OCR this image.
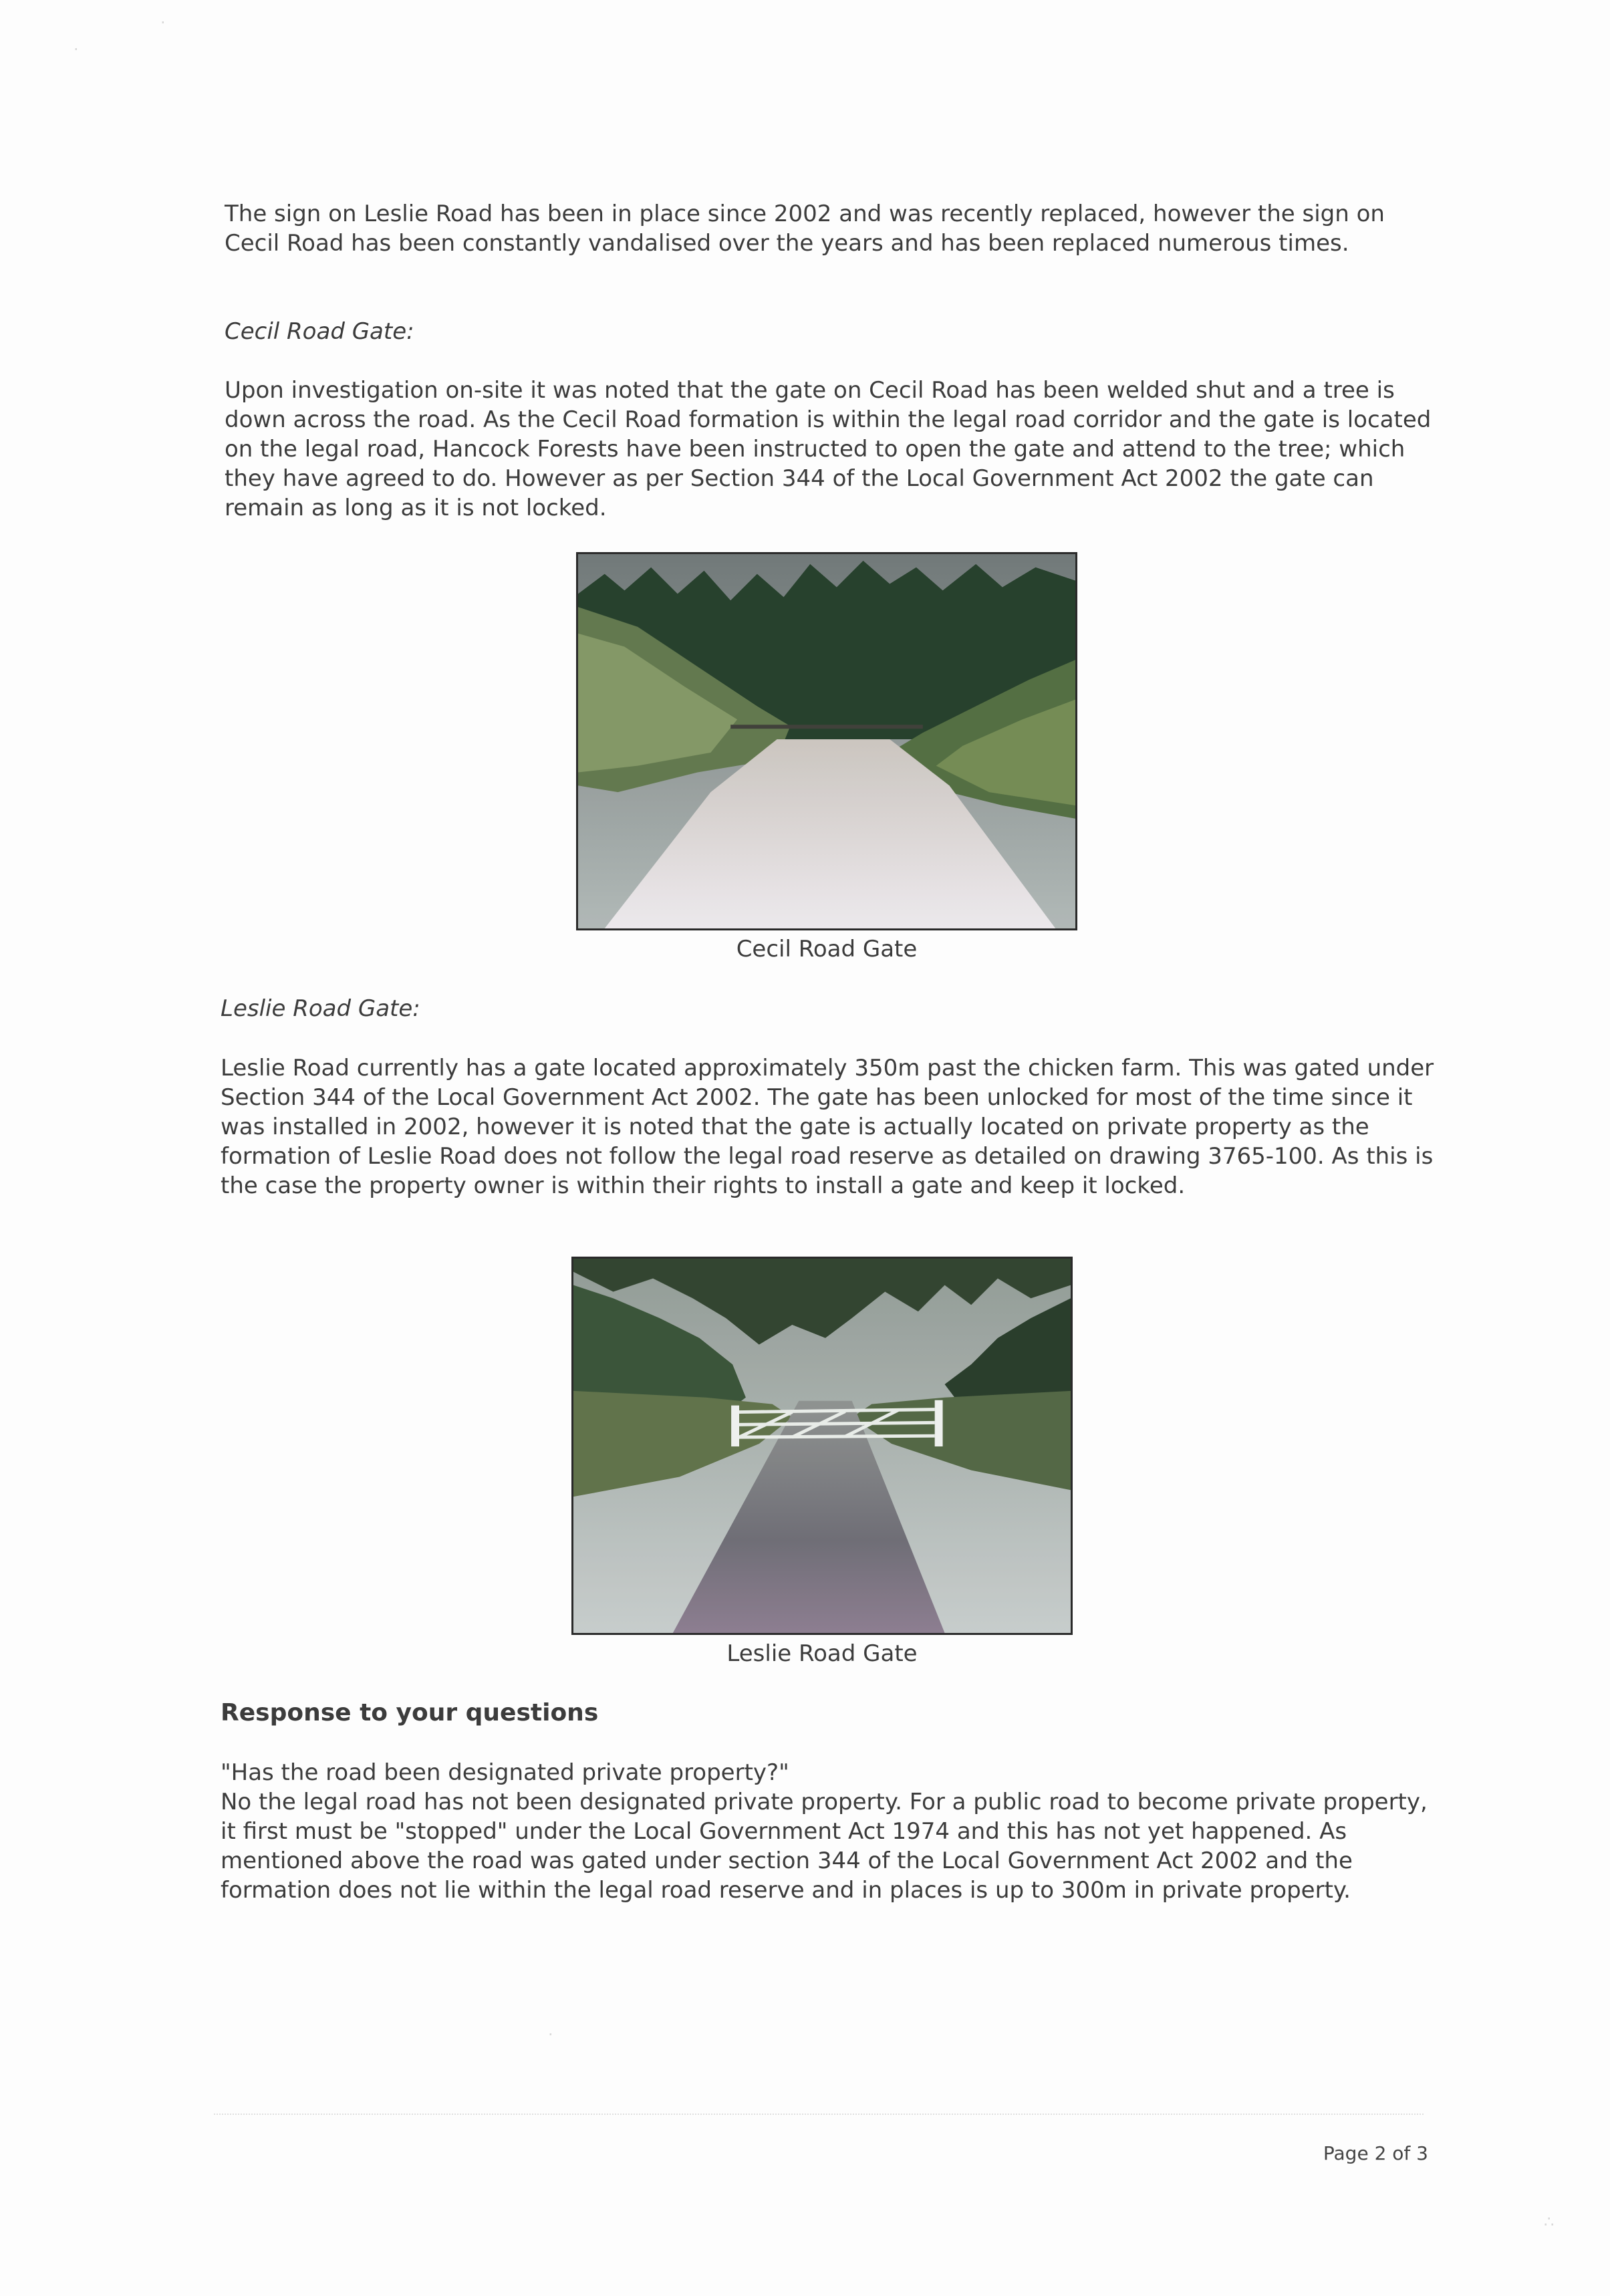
The sign on Leslie Road has been in place since 2002 and was recently replaced, however the sign on Cecil Road has been constantly vandalised over the years and has been replaced numerous times.

Cecil Road Gate:

Upon investigation on-site it was noted that the gate on Cecil Road has been welded shut and a tree is down across the road. As the Cecil Road formation is within the legal road corridor and the gate is located on the legal road, Hancock Forests have been instructed to open the gate and attend to the tree; which they have agreed to do. However as per Section 344 of the Local Government Act 2002 the gate can remain as long as it is not locked.

Cecil Road Gate

Leslie Road Gate:

Leslie Road currently has a gate located approximately 350m past the chicken farm. This was gated under Section 344 of the Local Government Act 2002. The gate has been unlocked for most of the time since it was installed in 2002, however it is noted that the gate is actually located on private property as the formation of Leslie Road does not follow the legal road reserve as detailed on drawing 3765-100. As this is the case the property owner is within their rights to install a gate and keep it locked.

Leslie Road Gate

Response to your questions

"Has the road been designated private property?"

No the legal road has not been designated private property. For a public road to become private property, it first must be "stopped" under the Local Government Act 1974 and this has not yet happened. As mentioned above the road was gated under section 344 of the Local Government Act 2002 and the formation does not lie within the legal road reserve and in places is up to 300m in private property.

Page 2 of 3
·
·
·
∴
